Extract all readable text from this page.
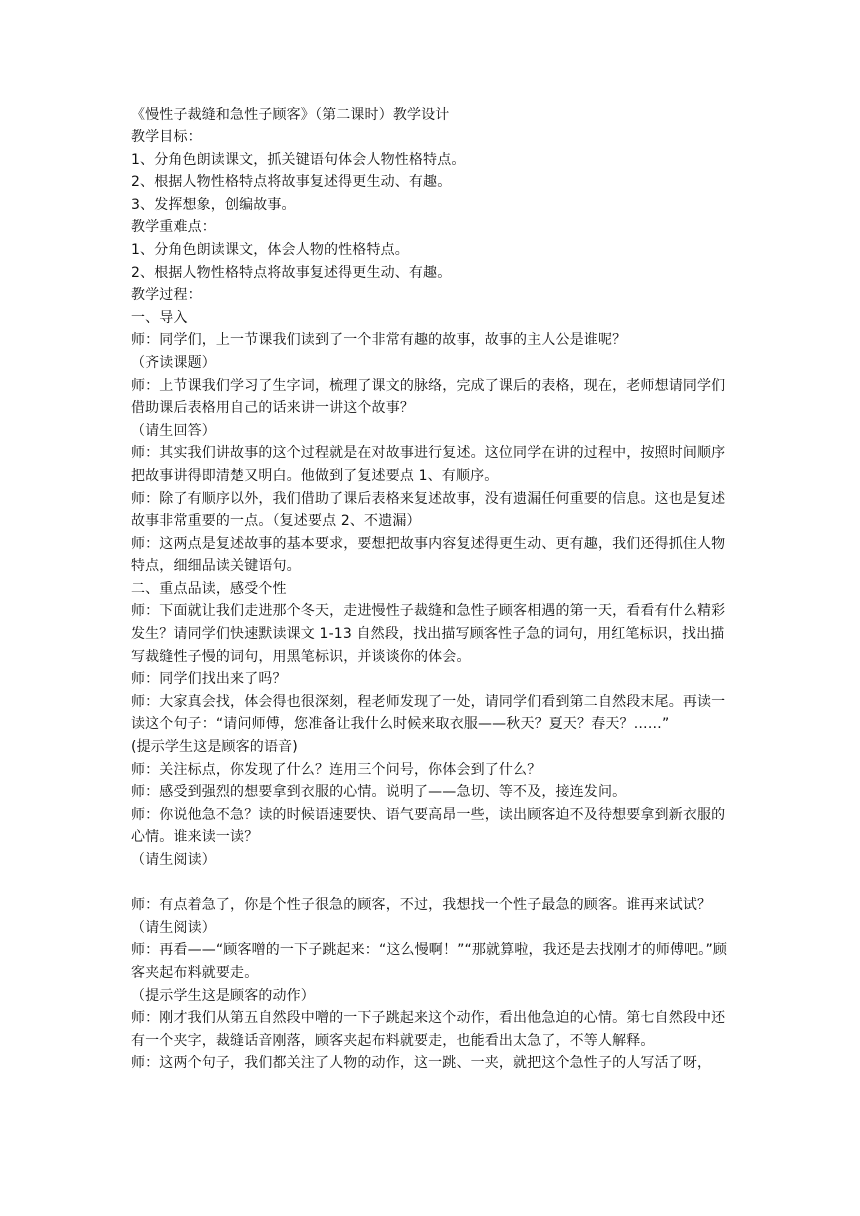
《慢性子裁缝和急性子顾客》（第二课时）教学设计

教学目标：

1、分角色朗读课文，抓关键语句体会人物性格特点。

2、根据人物性格特点将故事复述得更生动、有趣。

3、发挥想象，创编故事。

教学重难点：

1、分角色朗读课文，体会人物的性格特点。

2、根据人物性格特点将故事复述得更生动、有趣。

教学过程：

一、导入

师：同学们，上一节课我们读到了一个非常有趣的故事，故事的主人公是谁呢？

（齐读课题）

师：上节课我们学习了生字词，梳理了课文的脉络，完成了课后的表格，现在，老师想请同学们借助课后表格用自己的话来讲一讲这个故事？

（请生回答）

师：其实我们讲故事的这个过程就是在对故事进行复述。这位同学在讲的过程中，按照时间顺序把故事讲得即清楚又明白。他做到了复述要点 1、有顺序。

师：除了有顺序以外，我们借助了课后表格来复述故事，没有遗漏任何重要的信息。这也是复述故事非常重要的一点。（复述要点 2、不遗漏）

师：这两点是复述故事的基本要求，要想把故事内容复述得更生动、更有趣，我们还得抓住人物特点，细细品读关键语句。

二、重点品读，感受个性

师：下面就让我们走进那个冬天，走进慢性子裁缝和急性子顾客相遇的第一天，看看有什么精彩发生？请同学们快速默读课文 1-13 自然段，找出描写顾客性子急的词句，用红笔标识，找出描写裁缝性子慢的词句，用黑笔标识，并谈谈你的体会。

师：同学们找出来了吗？

师：大家真会找，体会得也很深刻，程老师发现了一处，请同学们看到第二自然段末尾。再读一读这个句子：“请问师傅，您准备让我什么时候来取衣服——秋天？夏天？春天？……”

(提示学生这是顾客的语音)

师：关注标点，你发现了什么？连用三个问号，你体会到了什么？

师：感受到强烈的想要拿到衣服的心情。说明了——急切、等不及，接连发问。

师：你说他急不急？读的时候语速要快、语气要高昂一些，读出顾客迫不及待想要拿到新衣服的心情。谁来读一读？

（请生阅读）

师：有点着急了，你是个性子很急的顾客，不过，我想找一个性子最急的顾客。谁再来试试？

（请生阅读）

师：再看——“顾客噌的一下子跳起来：“这么慢啊！”“那就算啦，我还是去找刚才的师傅吧。”顾客夹起布料就要走。

（提示学生这是顾客的动作）

师：刚才我们从第五自然段中噌的一下子跳起来这个动作，看出他急迫的心情。第七自然段中还有一个夹字，裁缝话音刚落，顾客夹起布料就要走，也能看出太急了，不等人解释。

师：这两个句子，我们都关注了人物的动作，这一跳、一夹，就把这个急性子的人写活了呀，
